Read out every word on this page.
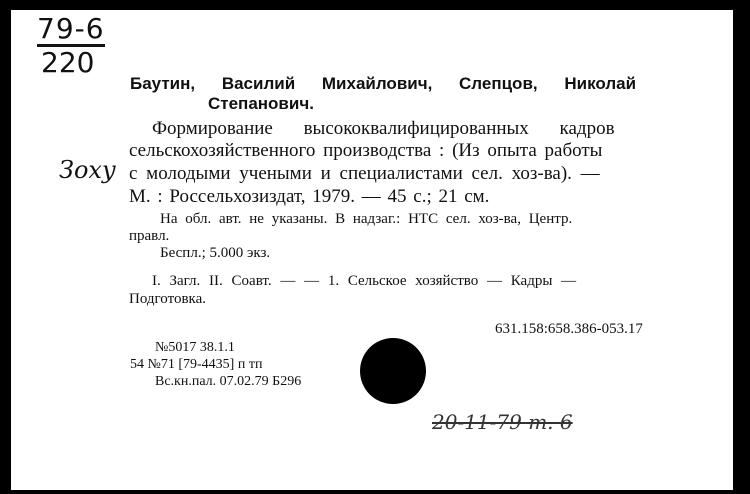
79-6
220
Баутин, Василий Михайлович, Слепцов, Николай
Степанович.
Зоху
Формирование высококвалифицированных кадров
сельскохозяйственного производства : (Из опыта работы
с молодыми учеными и специалистами сел. хоз-ва). —
М. : Россельхозиздат, 1979. — 45 с.; 21 см.
На обл. авт. не указаны. В надзаг.: НТС сел. хоз-ва, Центр.
правл.
Беспл.; 5.000 экз.
I. Загл. II. Соавт. — — 1. Сельское хозяйство — Кадры —
Подготовка.
631.158:658.386-053.17
№5017 38.1.1
54 №71 [79-4435] п тп
Вс.кн.пал. 07.02.79 Б296
20-11-79 т. 6
